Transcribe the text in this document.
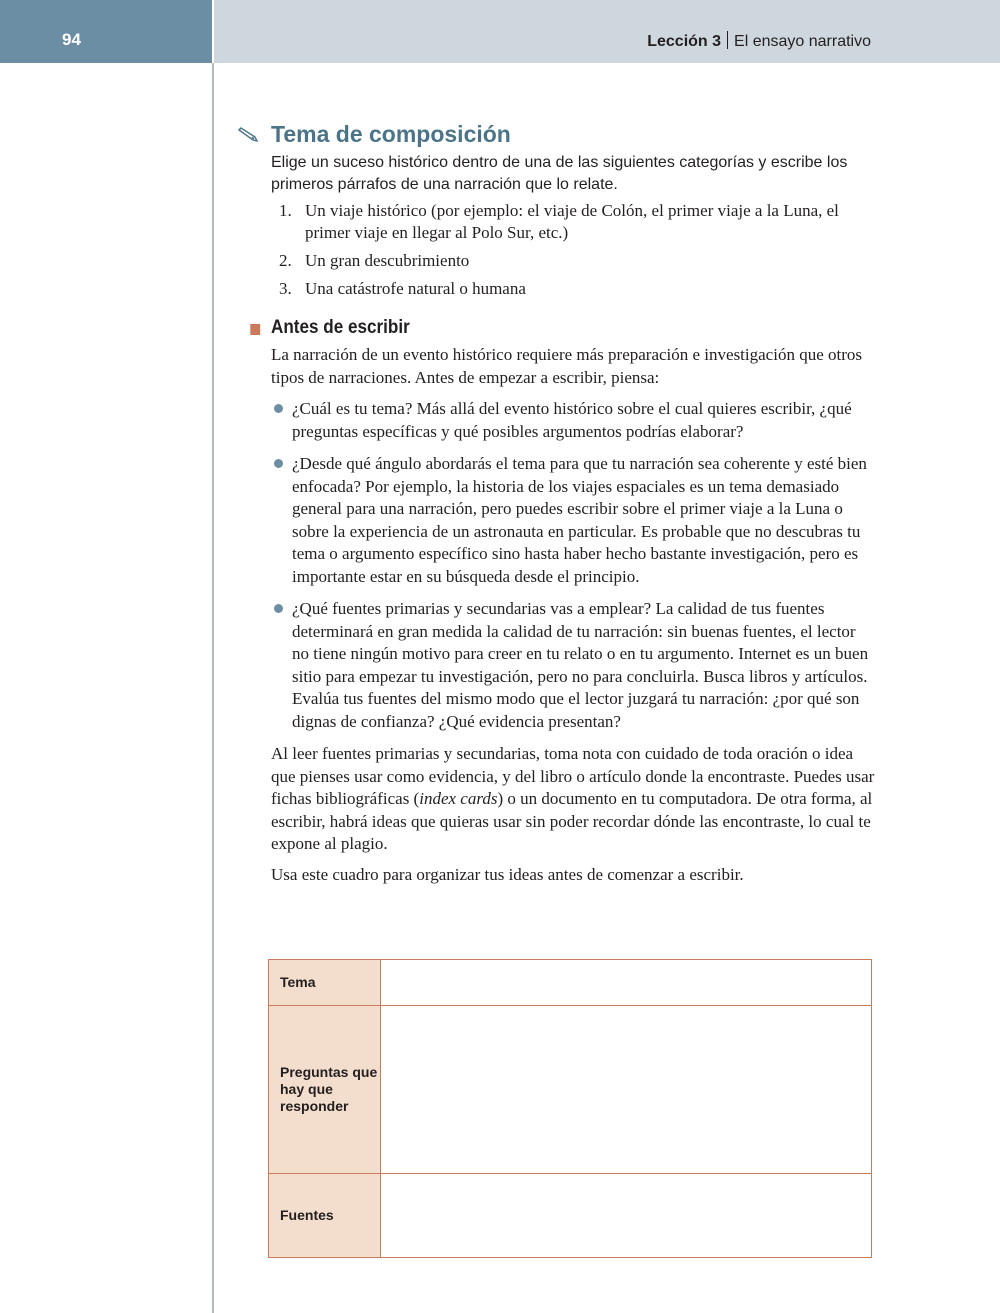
94	Lección 3 El ensayo narrativo
Tema de composición

Elige un suceso histórico dentro de una de las siguientes categorías y escribe los primeros párrafos de una narración que lo relate.

1. Un viaje histórico (por ejemplo: el viaje de Colón, el primer viaje a la Luna, el primer viaje en llegar al Polo Sur, etc.)
2. Un gran descubrimiento
3. Una catástrofe natural o humana
Antes de escribir

La narración de un evento histórico requiere más preparación e investigación que otros tipos de narraciones. Antes de empezar a escribir, piensa:

¿Cuál es tu tema? Más allá del evento histórico sobre el cual quieres escribir, ¿qué preguntas específicas y qué posibles argumentos podrías elaborar?
¿Desde qué ángulo abordarás el tema para que tu narración sea coherente y esté bien enfocada? Por ejemplo, la historia de los viajes espaciales es un tema demasiado general para una narración, pero puedes escribir sobre el primer viaje a la Luna o sobre la experiencia de un astronauta en particular. Es probable que no descubras tu tema o argumento específico sino hasta haber hecho bastante investigación, pero es importante estar en su búsqueda desde el principio.
¿Qué fuentes primarias y secundarias vas a emplear? La calidad de tus fuentes determinará en gran medida la calidad de tu narración: sin buenas fuentes, el lector no tiene ningún motivo para creer en tu relato o en tu argumento. Internet es un buen sitio para empezar tu investigación, pero no para concluirla. Busca libros y artículos. Evalúa tus fuentes del mismo modo que el lector juzgará tu narración: ¿por qué son dignas de confianza? ¿Qué evidencia presentan?

Al leer fuentes primarias y secundarias, toma nota con cuidado de toda oración o idea que pienses usar como evidencia, y del libro o artículo donde la encontraste. Puedes usar fichas bibliográficas (index cards) o un documento en tu computadora. De otra forma, al escribir, habrá ideas que quieras usar sin poder recordar dónde las encontraste, lo cual te expone al plagio.

Usa este cuadro para organizar tus ideas antes de comenzar a escribir.

Tema	
Preguntas que hay que responder	
Fuentes	
